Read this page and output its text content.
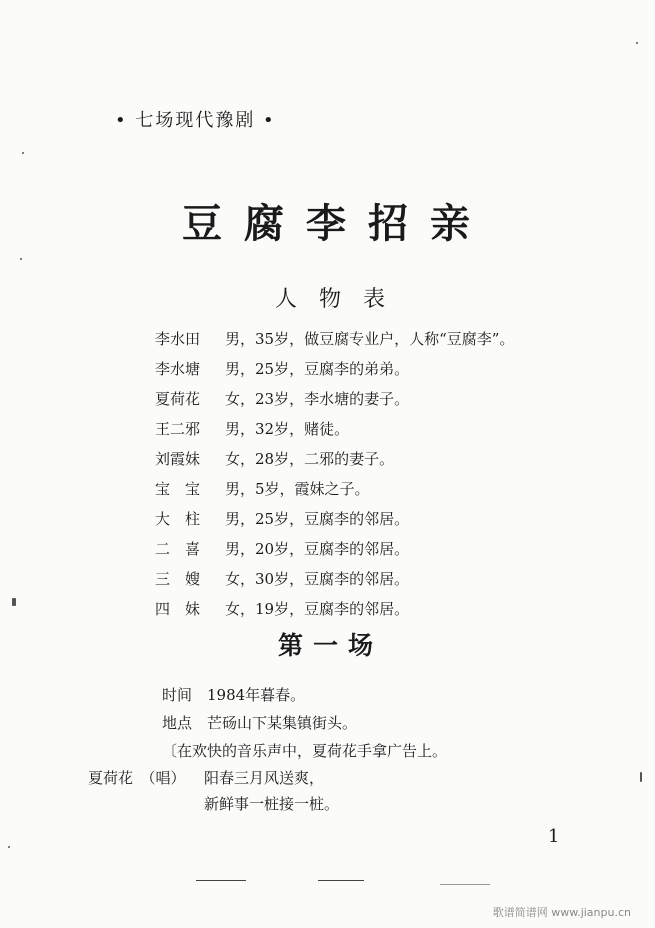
• 七场现代豫剧 •
豆腐李招亲
人物表
李水田	男，35岁，做豆腐专业户，人称“豆腐李”。
李水塘	男，25岁，豆腐李的弟弟。
夏荷花	女，23岁，李水塘的妻子。
王二邪	男，32岁，赌徒。
刘霞妹	女，28岁，二邪的妻子。
宝　宝	男，5岁，霞妹之子。
大　柱	男，25岁，豆腐李的邻居。
二　喜	男，20岁，豆腐李的邻居。
三　嫂	女，30岁，豆腐李的邻居。
四　妹	女，19岁，豆腐李的邻居。
第一场
时间　1984年暮春。
地点　芒砀山下某集镇街头。
〔在欢快的音乐声中，夏荷花手拿广告上。
夏荷花　（唱） 阳春三月风送爽，
新鲜事一桩接一桩。
1
歌谱简谱网 www.jianpu.cn
